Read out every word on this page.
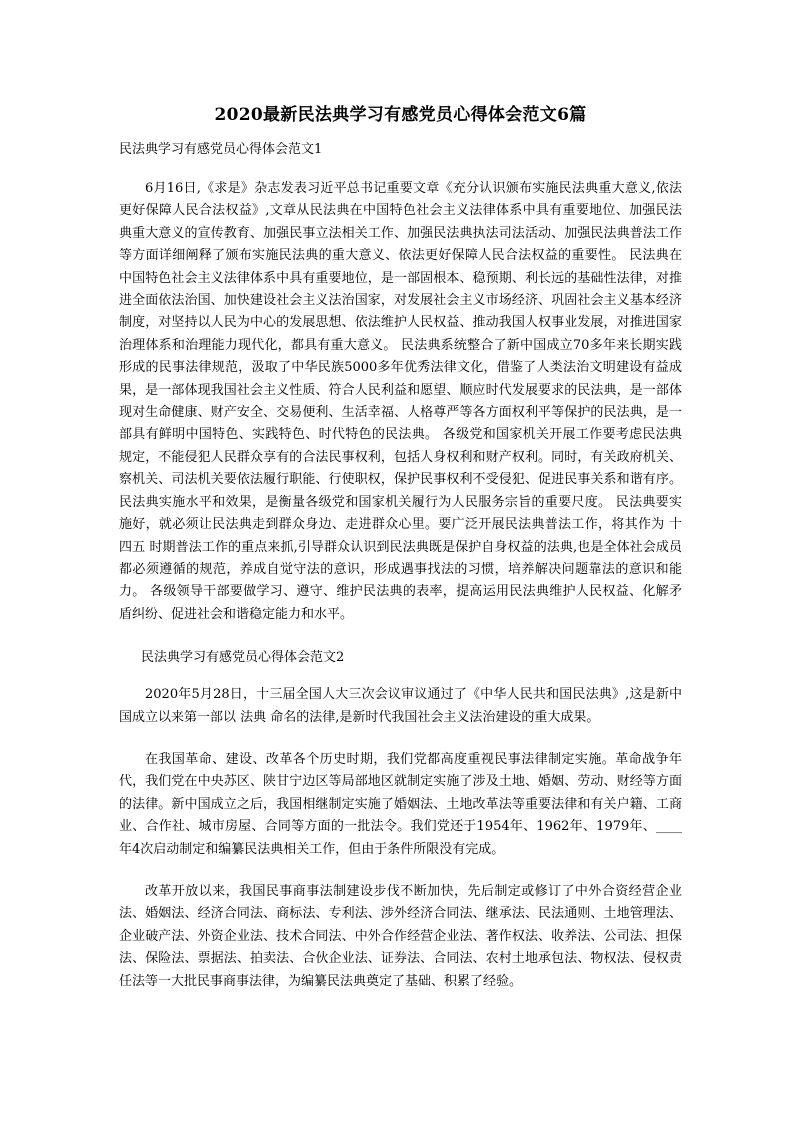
2020最新民法典学习有感党员心得体会范文6篇
民法典学习有感党员心得体会范文1

6月16日,《求是》杂志发表习近平总书记重要文章《充分认识颁布实施民法典重大意义,依法更好保障人民合法权益》,文章从民法典在中国特色社会主义法律体系中具有重要地位、加强民法典重大意义的宣传教育、加强民事立法相关工作、加强民法典执法司法活动、加强民法典普法工作等方面详细阐释了颁布实施民法典的重大意义、依法更好保障人民合法权益的重要性。 民法典在中国特色社会主义法律体系中具有重要地位，是一部固根本、稳预期、利长远的基础性法律，对推进全面依法治国、加快建设社会主义法治国家，对发展社会主义市场经济、巩固社会主义基本经济制度，对坚持以人民为中心的发展思想、依法维护人民权益、推动我国人权事业发展，对推进国家治理体系和治理能力现代化，都具有重大意义。 民法典系统整合了新中国成立70多年来长期实践形成的民事法律规范，汲取了中华民族5000多年优秀法律文化，借鉴了人类法治文明建设有益成果，是一部体现我国社会主义性质、符合人民利益和愿望、顺应时代发展要求的民法典，是一部体现对生命健康、财产安全、交易便利、生活幸福、人格尊严等各方面权利平等保护的民法典，是一部具有鲜明中国特色、实践特色、时代特色的民法典。 各级党和国家机关开展工作要考虑民法典规定，不能侵犯人民群众享有的合法民事权利，包括人身权利和财产权利。同时，有关政府机关、察机关、司法机关要依法履行职能、行使职权，保护民事权利不受侵犯、促进民事关系和谐有序。民法典实施水平和效果，是衡量各级党和国家机关履行为人民服务宗旨的重要尺度。 民法典要实施好，就必须让民法典走到群众身边、走进群众心里。要广泛开展民法典普法工作，将其作为 十四五 时期普法工作的重点来抓,引导群众认识到民法典既是保护自身权益的法典,也是全体社会成员都必须遵循的规范，养成自觉守法的意识，形成遇事找法的习惯，培养解决问题靠法的意识和能力。 各级领导干部要做学习、遵守、维护民法典的表率，提高运用民法典维护人民权益、化解矛盾纠纷、促进社会和谐稳定能力和水平。

民法典学习有感党员心得体会范文2

2020年5月28日，十三届全国人大三次会议审议通过了《中华人民共和国民法典》,这是新中国成立以来第一部以 法典 命名的法律,是新时代我国社会主义法治建设的重大成果。

在我国革命、建设、改革各个历史时期，我们党都高度重视民事法律制定实施。革命战争年代，我们党在中央苏区、陕甘宁边区等局部地区就制定实施了涉及土地、婚姻、劳动、财经等方面的法律。新中国成立之后，我国相继制定实施了婚姻法、土地改革法等重要法律和有关户籍、工商业、合作社、城市房屋、合同等方面的一批法令。我们党还于1954年、1962年、1979年、____年4次启动制定和编纂民法典相关工作，但由于条件所限没有完成。

改革开放以来，我国民事商事法制建设步伐不断加快，先后制定或修订了中外合资经营企业法、婚姻法、经济合同法、商标法、专利法、涉外经济合同法、继承法、民法通则、土地管理法、企业破产法、外资企业法、技术合同法、中外合作经营企业法、著作权法、收养法、公司法、担保法、保险法、票据法、拍卖法、合伙企业法、证券法、合同法、农村土地承包法、物权法、侵权责任法等一大批民事商事法律，为编纂民法典奠定了基础、积累了经验。
